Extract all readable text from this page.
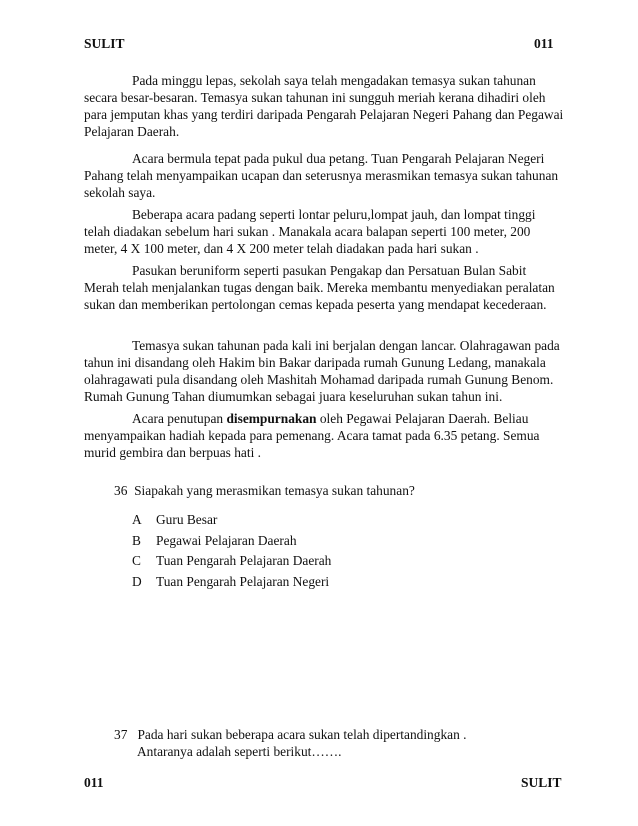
SULIT	011

Pada minggu lepas, sekolah saya telah mengadakan temasya sukan tahunan secara besar-besaran. Temasya sukan tahunan ini sungguh meriah kerana dihadiri oleh para jemputan khas yang terdiri daripada Pengarah Pelajaran Negeri Pahang dan Pegawai Pelajaran Daerah.

Acara bermula tepat pada pukul dua petang. Tuan Pengarah Pelajaran Negeri Pahang telah menyampaikan ucapan dan seterusnya merasmikan temasya sukan tahunan sekolah saya.

Beberapa acara padang seperti lontar peluru,lompat jauh, dan lompat tinggi telah diadakan sebelum hari sukan . Manakala acara balapan seperti 100 meter, 200 meter, 4 X 100 meter, dan 4 X 200 meter telah diadakan pada hari sukan .

Pasukan beruniform seperti pasukan Pengakap dan Persatuan Bulan Sabit Merah telah menjalankan tugas dengan baik. Mereka membantu menyediakan peralatan sukan dan memberikan pertolongan cemas kepada peserta yang mendapat kecederaan.

Temasya sukan tahunan pada kali ini berjalan dengan lancar. Olahragawan pada tahun ini disandang oleh Hakim bin Bakar daripada rumah Gunung Ledang, manakala olahragawati pula disandang oleh Mashitah Mohamad daripada rumah Gunung Benom. Rumah Gunung Tahan diumumkan sebagai juara keseluruhan sukan tahun ini.

Acara penutupan disempurnakan oleh Pegawai Pelajaran Daerah. Beliau menyampaikan hadiah kepada para pemenang. Acara tamat pada 6.35 petang. Semua murid gembira dan berpuas hati .

36 Siapakah yang merasmikan temasya sukan tahunan?
A Guru Besar
B Pegawai Pelajaran Daerah
C Tuan Pengarah Pelajaran Daerah
D Tuan Pengarah Pelajaran Negeri
37 Pada hari sukan beberapa acara sukan telah dipertandingkan .
Antaranya adalah seperti berikut…….
011	SULIT
